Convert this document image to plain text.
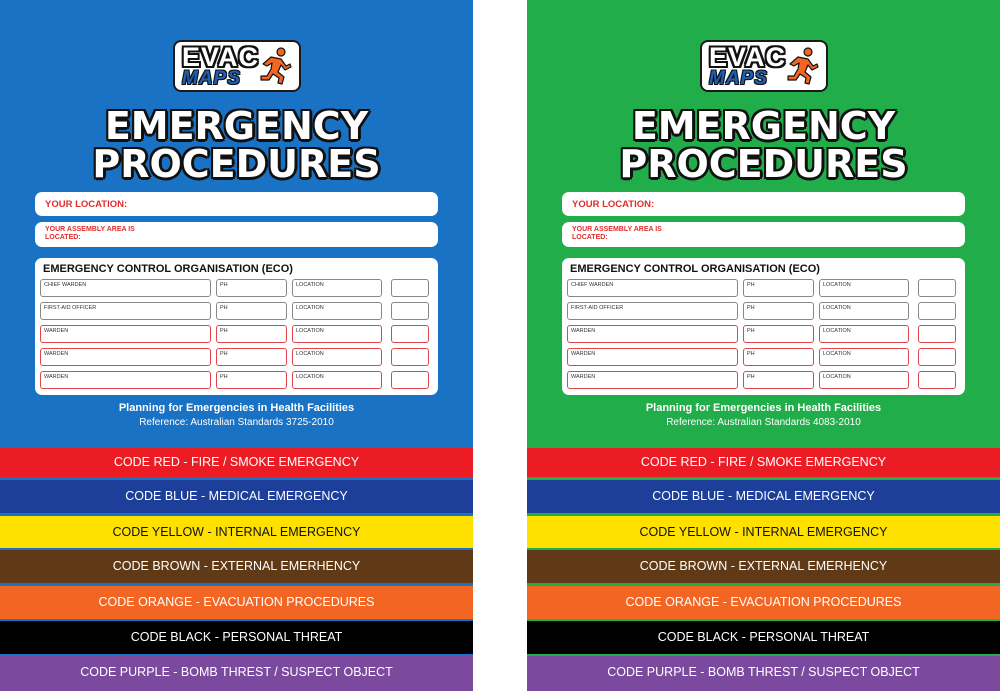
EVAC
MAPS
EMERGENCY
PROCEDURES
YOUR LOCATION:
YOUR ASSEMBLY AREA IS LOCATED:
EMERGENCY CONTROL ORGANISATION (ECO)
CHIEF WARDEN	PH	LOCATION
FIRST-AID OFFICER	PH	LOCATION
WARDEN	PH	LOCATION
WARDEN	PH	LOCATION
WARDEN	PH	LOCATION
Planning for Emergencies in Health Facilities
Reference: Australian Standards 3725-2010
CODE RED - FIRE / SMOKE EMERGENCY
CODE BLUE - MEDICAL EMERGENCY
CODE YELLOW - INTERNAL EMERGENCY
CODE BROWN - EXTERNAL EMERHENCY
CODE ORANGE - EVACUATION PROCEDURES
CODE BLACK - PERSONAL THREAT
CODE PURPLE - BOMB THREST / SUSPECT OBJECT
EVAC
MAPS
EMERGENCY
PROCEDURES
YOUR LOCATION:
YOUR ASSEMBLY AREA IS LOCATED:
EMERGENCY CONTROL ORGANISATION (ECO)
CHIEF WARDEN	PH	LOCATION
FIRST-AID OFFICER	PH	LOCATION
WARDEN	PH	LOCATION
WARDEN	PH	LOCATION
WARDEN	PH	LOCATION
Planning for Emergencies in Health Facilities
Reference: Australian Standards 4083-2010
CODE RED - FIRE / SMOKE EMERGENCY
CODE BLUE - MEDICAL EMERGENCY
CODE YELLOW - INTERNAL EMERGENCY
CODE BROWN - EXTERNAL EMERHENCY
CODE ORANGE - EVACUATION PROCEDURES
CODE BLACK - PERSONAL THREAT
CODE PURPLE - BOMB THREST / SUSPECT OBJECT
